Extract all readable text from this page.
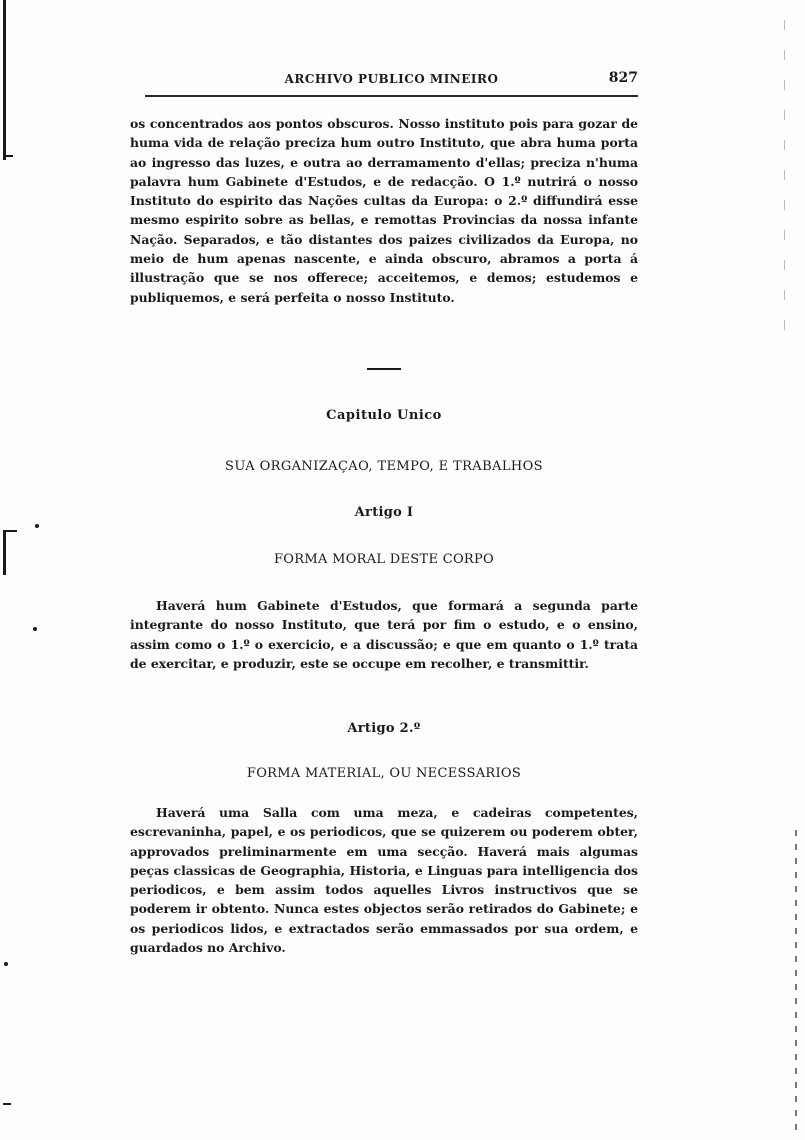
ARCHIVO PUBLICO MINEIRO	827
os concentrados aos pontos obscuros. Nosso instituto pois para gozar de huma vida de relação preciza hum outro Instituto, que abra huma porta ao ingresso das luzes, e outra ao derramamento d'ellas; preciza n'huma palavra hum Gabinete d'Estudos, e de redacção. O 1.º nutrirá o nosso Instituto do espirito das Nações cultas da Europa: o 2.º diffundirá esse mesmo espirito sobre as bellas, e remottas Provincias da nossa infante Nação. Separados, e tão distantes dos paizes civilizados da Europa, no meio de hum apenas nascente, e ainda obscuro, abramos a porta á illustração que se nos offerece; acceitemos, e demos; estudemos e publiquemos, e será perfeita o nosso Instituto.
Capitulo Unico
SUA ORGANIZAÇAO, TEMPO, E TRABALHOS
Artigo I
FORMA MORAL DESTE CORPO
Haverá hum Gabinete d'Estudos, que formará a segunda parte integrante do nosso Instituto, que terá por fim o estudo, e o ensino, assim como o 1.º o exercicio, e a discussão; e que em quanto o 1.º trata de exercitar, e produzir, este se occupe em recolher, e transmittir.
Artigo 2.º
FORMA MATERIAL, OU NECESSARIOS
Haverá uma Salla com uma meza, e cadeiras competentes, escrevaninha, papel, e os periodicos, que se quizerem ou poderem obter, approvados preliminarmente em uma secção. Haverá mais algumas peças classicas de Geographia, Historia, e Linguas para intelligencia dos periodicos, e bem assim todos aquelles Livros instructivos que se poderem ir obtento. Nunca estes objectos serão retirados do Gabinete; e os periodicos lidos, e extractados serão emmassados por sua ordem, e guardados no Archivo.
